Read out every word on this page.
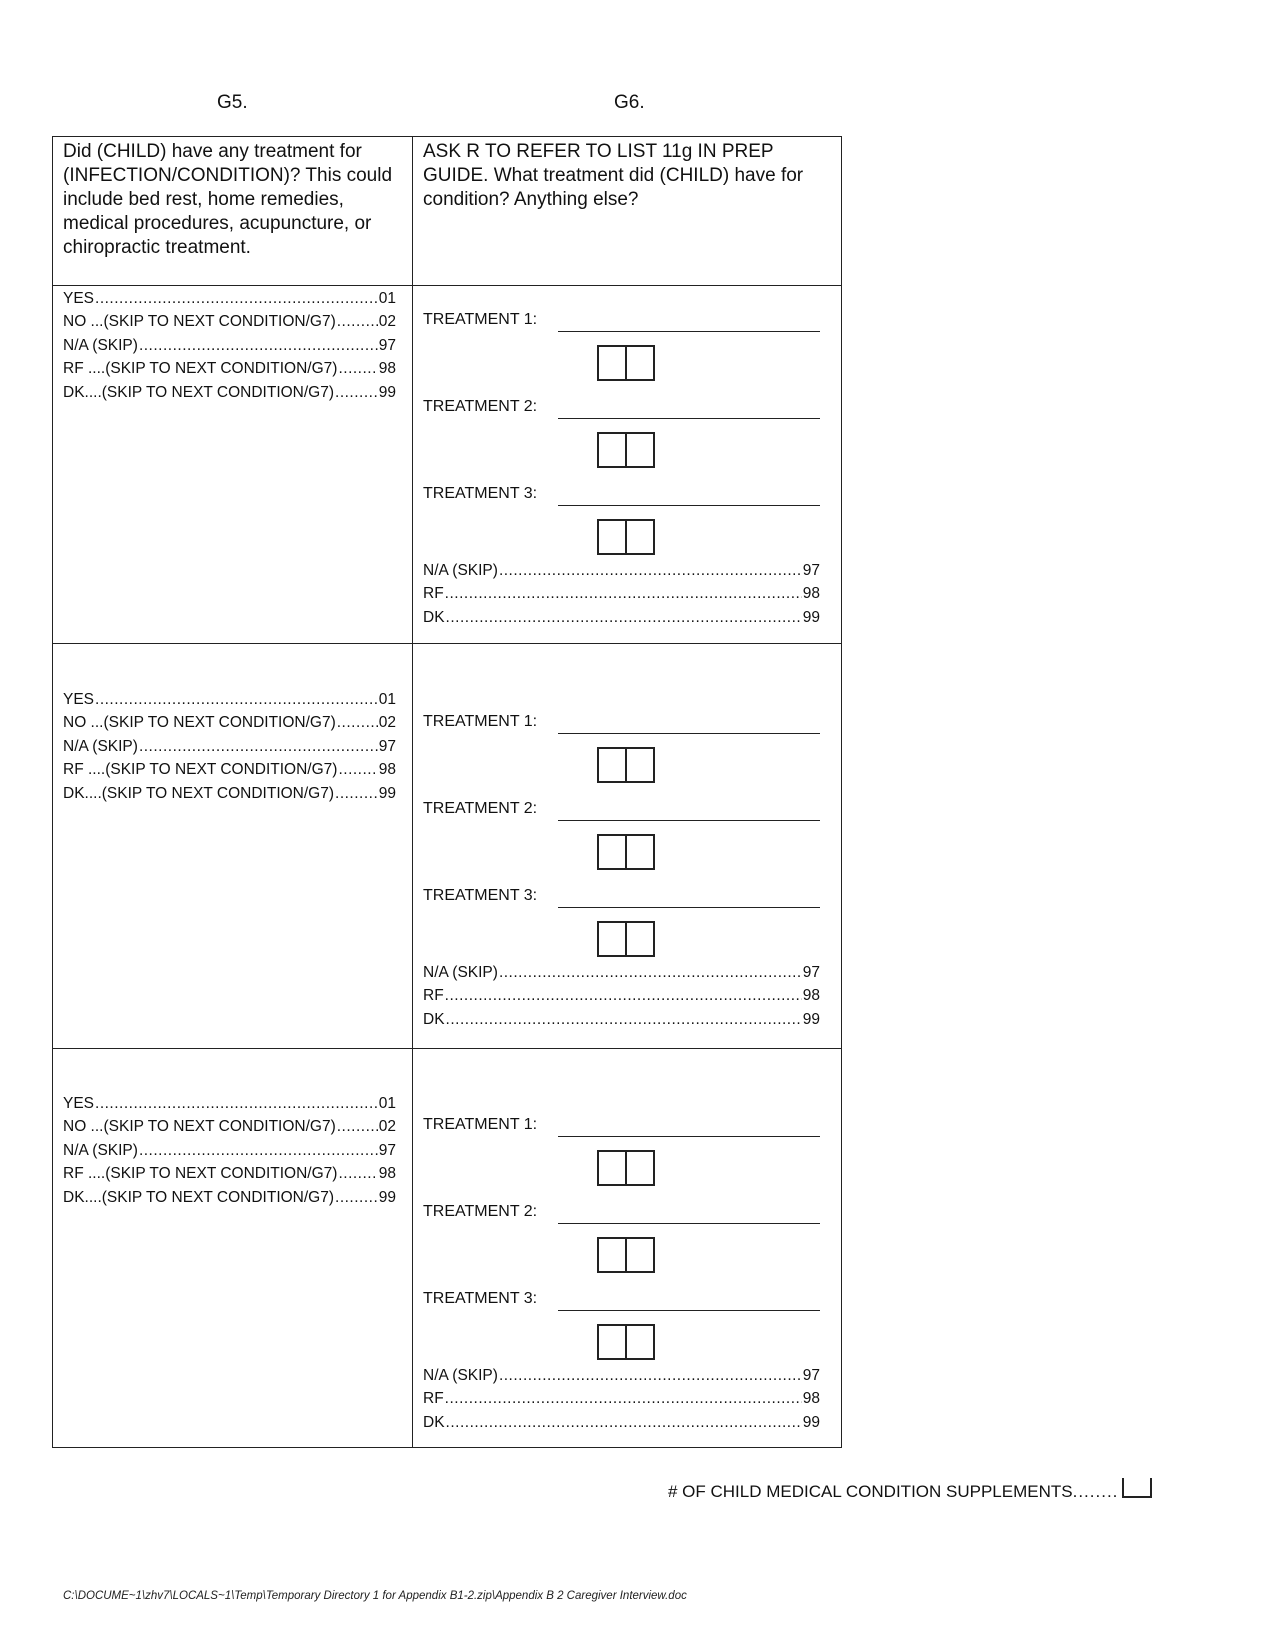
G5.	G6.
Did (CHILD) have any treatment for (INFECTION/CONDITION)? This could include bed rest, home remedies, medical procedures, acupuncture, or chiropractic treatment.
ASK R TO REFER TO LIST 11g IN PREP GUIDE. What treatment did (CHILD) have for condition? Anything else?
YES .....	01
NO ...(SKIP TO NEXT CONDITION/G7) .....	02
N/A (SKIP) .....	97
RF ....(SKIP TO NEXT CONDITION/G7) .....	98
DK....(SKIP TO NEXT CONDITION/G7) .....	99
TREATMENT 1:
TREATMENT 2:
TREATMENT 3:
N/A (SKIP) .....	97
RF .....	98
DK .....	99
YES .....	01
NO ...(SKIP TO NEXT CONDITION/G7) .....	02
N/A (SKIP) .....	97
RF ....(SKIP TO NEXT CONDITION/G7) .....	98
DK....(SKIP TO NEXT CONDITION/G7) .....	99
TREATMENT 1:
TREATMENT 2:
TREATMENT 3:
N/A (SKIP) .....	97
RF .....	98
DK .....	99
YES .....	01
NO ...(SKIP TO NEXT CONDITION/G7) .....	02
N/A (SKIP) .....	97
RF ....(SKIP TO NEXT CONDITION/G7) .....	98
DK....(SKIP TO NEXT CONDITION/G7) .....	99
TREATMENT 1:
TREATMENT 2:
TREATMENT 3:
N/A (SKIP) .....	97
RF .....	98
DK .....	99
# OF CHILD MEDICAL CONDITION SUPPLEMENTS ........
C:\DOCUME~1\zhv7\LOCALS~1\Temp\Temporary Directory 1 for Appendix B1-2.zip\Appendix B 2 Caregiver Interview.doc
